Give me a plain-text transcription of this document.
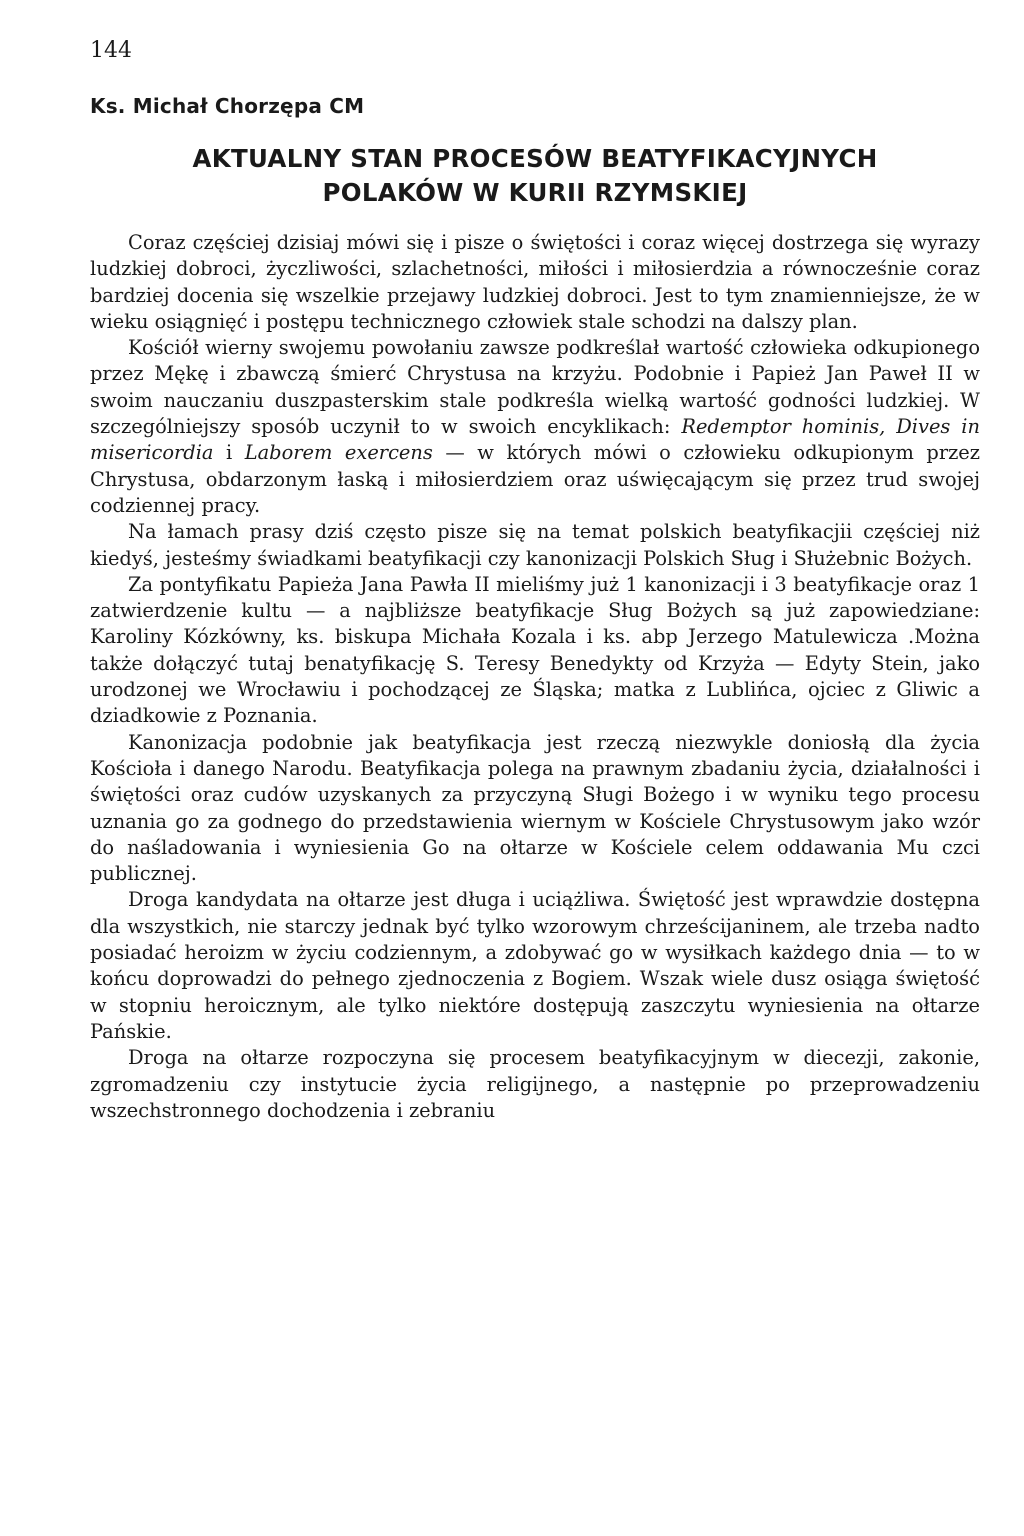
144
Ks. Michał Chorzępa CM
AKTUALNY STAN PROCESÓW BEATYFIKACYJNYCH
POLAKÓW W KURII RZYMSKIEJ

Coraz częściej dzisiaj mówi się i pisze o świętości i coraz więcej dostrzega się wyrazy ludzkiej dobroci, życzliwości, szlachetności, miłości i miłosierdzia a równocześnie coraz bardziej docenia się wszelkie przejawy ludzkiej dobroci. Jest to tym znamienniejsze, że w wieku osiągnięć i postępu technicznego człowiek stale schodzi na dalszy plan.

Kościół wierny swojemu powołaniu zawsze podkreślał wartość człowieka odkupionego przez Mękę i zbawczą śmierć Chrystusa na krzyżu. Podobnie i Papież Jan Paweł II w swoim nauczaniu duszpasterskim stale podkreśla wielką wartość godności ludzkiej. W szczególniejszy sposób uczynił to w swoich encyklikach: Redemptor hominis, Dives in misericordia i Laborem exercens — w których mówi o człowieku odkupionym przez Chrystusa, obdarzonym łaską i miłosierdziem oraz uświęcającym się przez trud swojej codziennej pracy.

Na łamach prasy dziś często pisze się na temat polskich beatyfikacjii częściej niż kiedyś, jesteśmy świadkami beatyfikacji czy kanonizacji Polskich Sług i Służebnic Bożych.

Za pontyfikatu Papieża Jana Pawła II mieliśmy już 1 kanonizacji i 3 beatyfikacje oraz 1 zatwierdzenie kultu — a najbliższe beatyfikacje Sług Bożych są już zapowiedziane: Karoliny Kózkówny, ks. biskupa Michała Kozala i ks. abp Jerzego Matulewicza .Można także dołączyć tutaj benatyfikację S. Teresy Benedykty od Krzyża — Edyty Stein, jako urodzonej we Wrocławiu i pochodzącej ze Śląska; matka z Lublińca, ojciec z Gliwic a dziadkowie z Poznania.

Kanonizacja podobnie jak beatyfikacja jest rzeczą niezwykle doniosłą dla życia Kościoła i danego Narodu. Beatyfikacja polega na prawnym zbadaniu życia, działalności i świętości oraz cudów uzyskanych za przyczyną Sługi Bożego i w wyniku tego procesu uznania go za godnego do przedstawienia wiernym w Kościele Chrystusowym jako wzór do naśladowania i wyniesienia Go na ołtarze w Kościele celem oddawania Mu czci publicznej.

Droga kandydata na ołtarze jest długa i uciążliwa. Świętość jest wprawdzie dostępna dla wszystkich, nie starczy jednak być tylko wzorowym chrześcijaninem, ale trzeba nadto posiadać heroizm w życiu codziennym, a zdobywać go w wysiłkach każdego dnia — to w końcu doprowadzi do pełnego zjednoczenia z Bogiem. Wszak wiele dusz osiąga świętość w stopniu heroicznym, ale tylko niektóre dostępują zaszczytu wyniesienia na ołtarze Pańskie.

Droga na ołtarze rozpoczyna się procesem beatyfikacyjnym w diecezji, zakonie, zgromadzeniu czy instytucie życia religijnego, a następnie po przeprowadzeniu wszechstronnego dochodzenia i zebraniu
